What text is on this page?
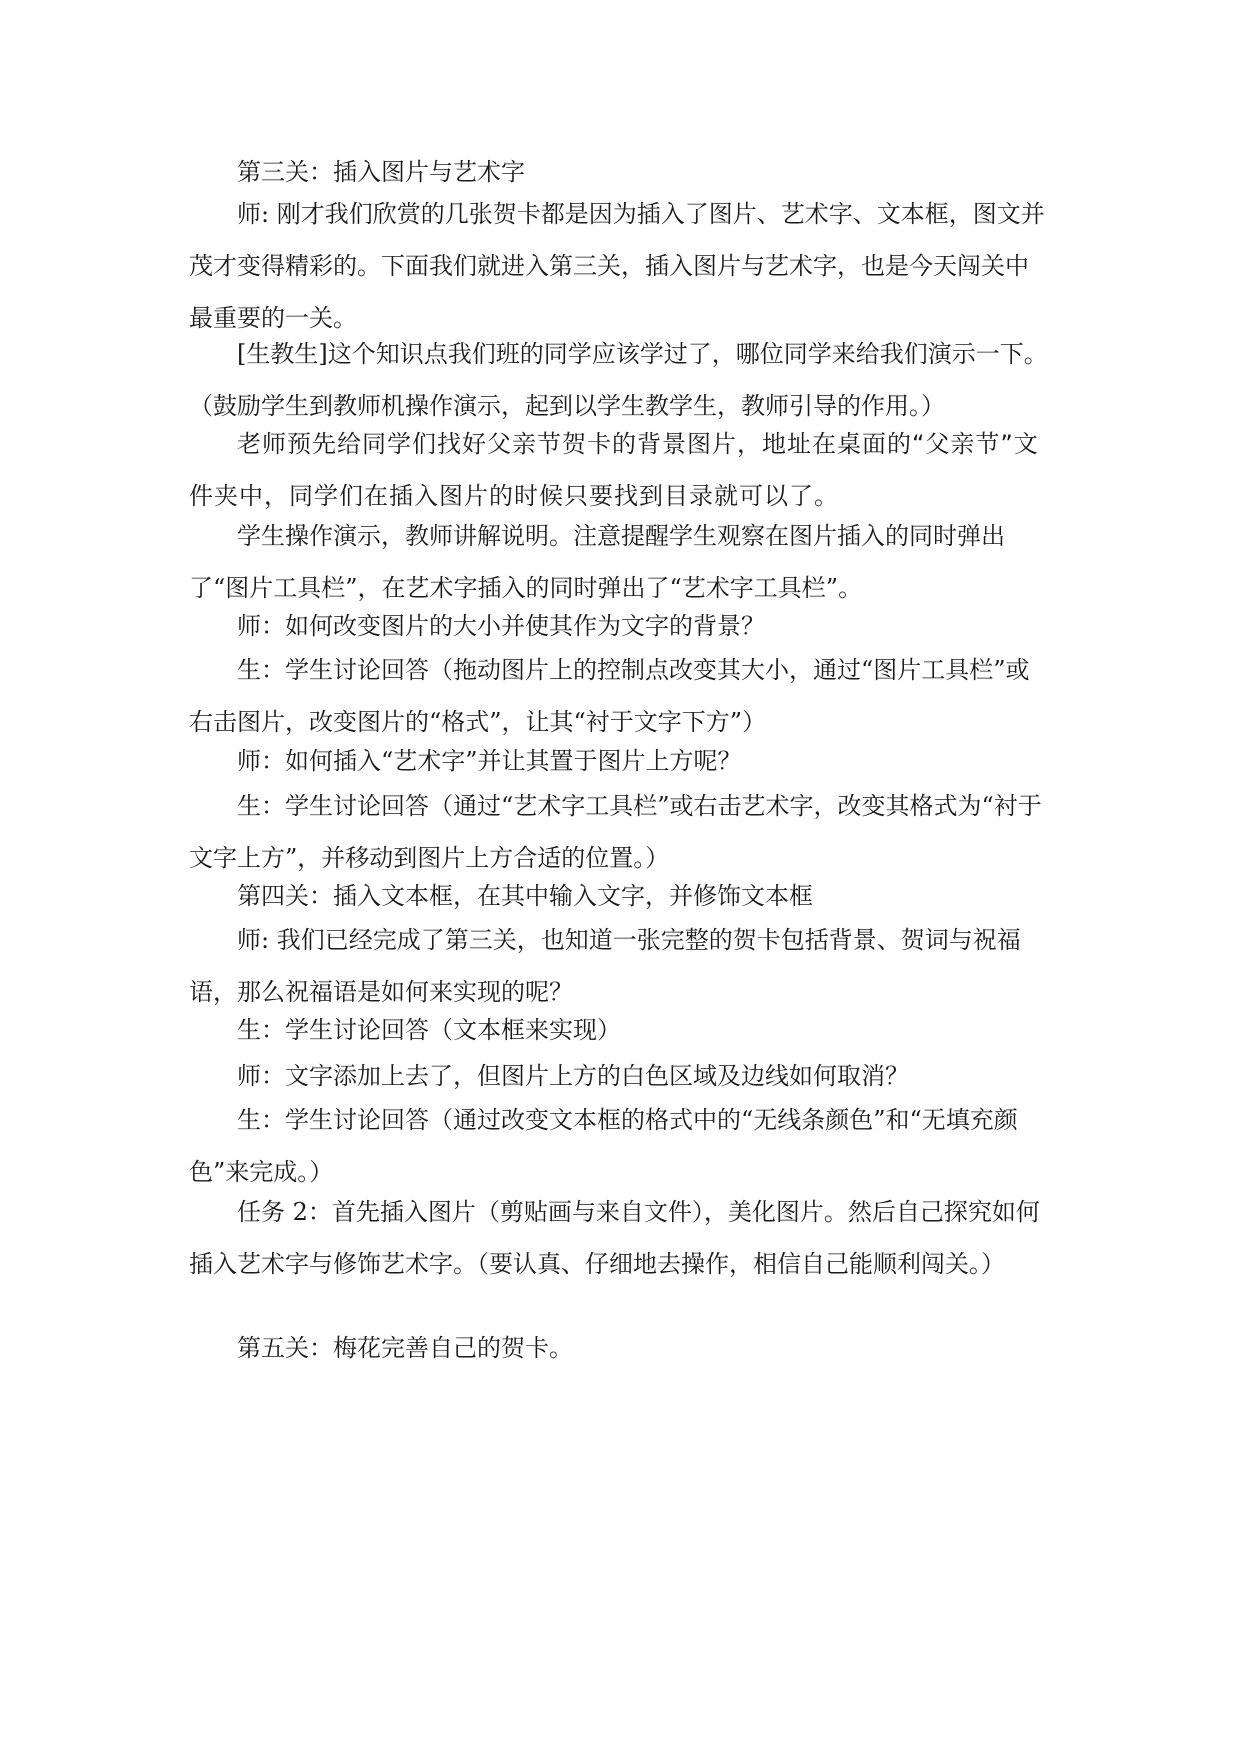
第三关：插入图片与艺术字

师: 刚才我们欣赏的几张贺卡都是因为插入了图片、艺术字、文本框，图文并茂才变得精彩的。下面我们就进入第三关，插入图片与艺术字，也是今天闯关中最重要的一关。

[生教生]这个知识点我们班的同学应该学过了，哪位同学来给我们演示一下。（鼓励学生到教师机操作演示，起到以学生教学生，教师引导的作用。）

老师预先给同学们找好父亲节贺卡的背景图片，地址在桌面的“父亲节”文件夹中，同学们在插入图片的时候只要找到目录就可以了。

学生操作演示，教师讲解说明。注意提醒学生观察在图片插入的同时弹出了“图片工具栏”，在艺术字插入的同时弹出了“艺术字工具栏”。

师：如何改变图片的大小并使其作为文字的背景？

生：学生讨论回答（拖动图片上的控制点改变其大小，通过“图片工具栏”或右击图片，改变图片的“格式”，让其“衬于文字下方”）

师：如何插入“艺术字”并让其置于图片上方呢？

生：学生讨论回答（通过“艺术字工具栏”或右击艺术字，改变其格式为“衬于文字上方”，并移动到图片上方合适的位置。）

第四关：插入文本框，在其中输入文字，并修饰文本框

师: 我们已经完成了第三关，也知道一张完整的贺卡包括背景、贺词与祝福语，那么祝福语是如何来实现的呢？

生：学生讨论回答（文本框来实现）

师：文字添加上去了，但图片上方的白色区域及边线如何取消？

生：学生讨论回答（通过改变文本框的格式中的“无线条颜色”和“无填充颜色”来完成。）

任务 2：首先插入图片（剪贴画与来自文件），美化图片。然后自己探究如何插入艺术字与修饰艺术字。（要认真、仔细地去操作，相信自己能顺利闯关。）

第五关：梅花完善自己的贺卡。
